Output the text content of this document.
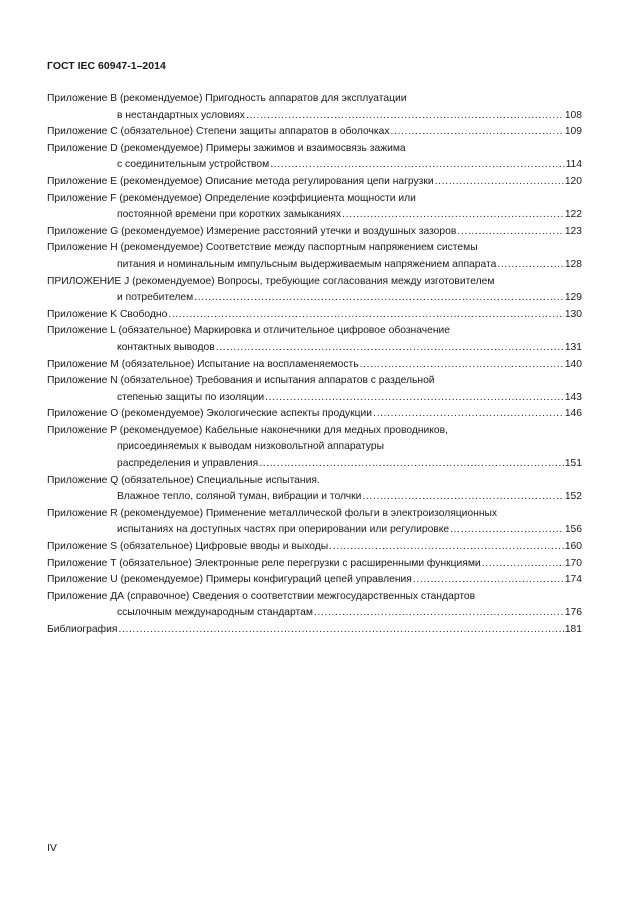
ГОСТ IEC 60947-1–2014
Приложение B (рекомендуемое) Пригодность аппаратов для эксплуатации
в нестандартных условиях . . .	108
Приложение C (обязательное) Степени защиты аппаратов в оболочках . . .	109
Приложение D (рекомендуемое) Примеры зажимов и взаимосвязь зажима
с соединительным устройством . . .	114
Приложение E (рекомендуемое) Описание метода регулирования цепи нагрузки . . .	120
Приложение F (рекомендуемое) Определение коэффициента мощности или
постоянной времени при коротких замыканиях . . .	122
Приложение G (рекомендуемое) Измерение расстояний утечки и воздушных зазоров . . .	123
Приложение H (рекомендуемое) Соответствие между паспортным напряжением системы
питания и номинальным импульсным выдерживаемым напряжением аппарата . . .	128
ПРИЛОЖЕНИЕ J (рекомендуемое) Вопросы, требующие согласования между изготовителем
и потребителем . . .	129
Приложение K Свободно . . .	130
Приложение L (обязательное) Маркировка и отличительное цифровое обозначение
контактных выводов . . .	131
Приложение M (обязательное) Испытание на воспламеняемость . . .	140
Приложение N (обязательное) Требования и испытания аппаратов с раздельной
степенью защиты по изоляции . . .	143
Приложение O (рекомендуемое) Экологические аспекты продукции . . .	146
Приложение P (рекомендуемое) Кабельные наконечники для медных проводников,
присоединяемых к выводам низковольтной аппаратуры
распределения и управления . . .	151
Приложение Q (обязательное) Специальные испытания.
Влажное тепло, соляной туман, вибрации и толчки . . .	152
Приложение R (рекомендуемое) Применение металлической фольги в электроизоляционных
испытаниях на доступных частях при оперировании или регулировке . . .	156
Приложение S (обязательное) Цифровые вводы и выходы . . .	160
Приложение T (обязательное) Электронные реле перегрузки с расширенными функциями . . .	170
Приложение U (рекомендуемое) Примеры конфигураций цепей управления . . .	174
Приложение ДА (справочное) Сведения о соответствии межгосударственных стандартов
ссылочным международным стандартам . . .	176
Библиография . . .	181
IV
